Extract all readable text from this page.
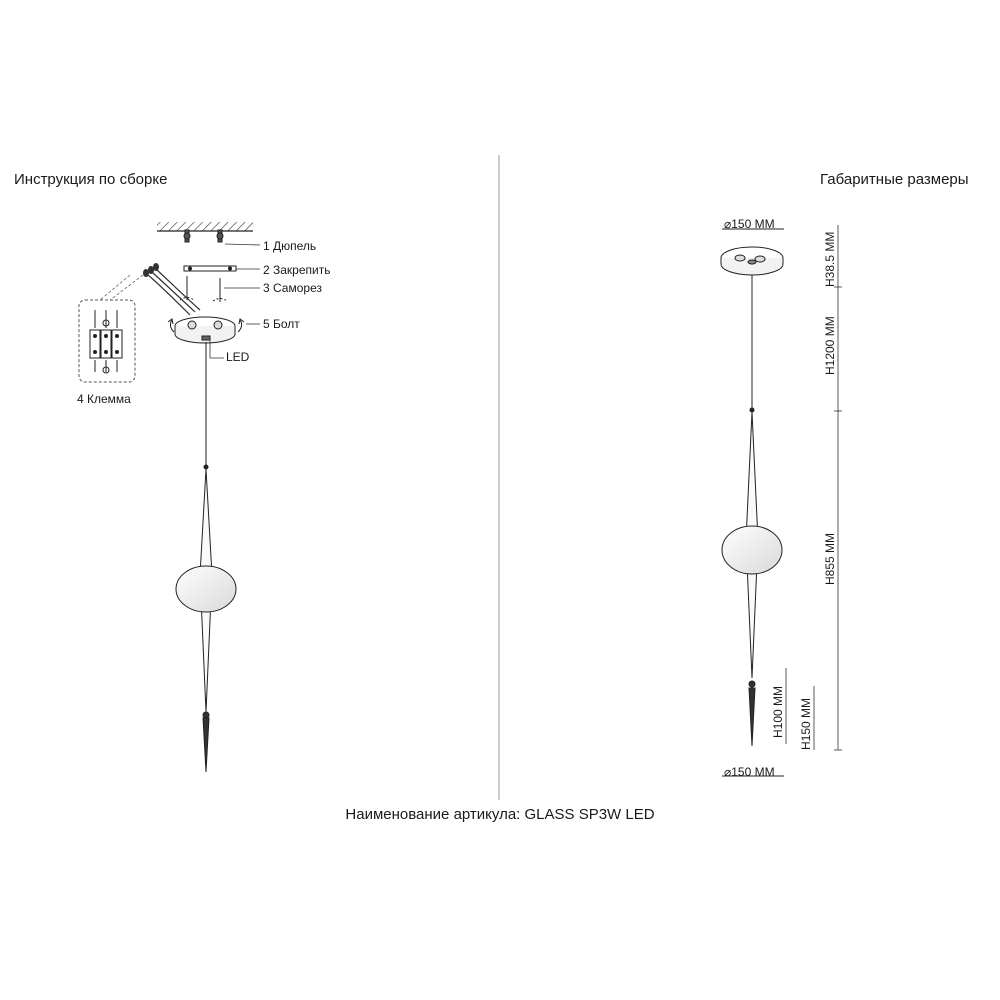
Инструкция по сборке	Габаритные размеры
1 Дюпель
2 Закрепить
3 Саморез
5 Болт
LED
4 Клемма
⌀150 ММ
⌀150 ММ
H38.5 ММ
H1200 ММ
H855 ММ
H100 ММ H150 ММ
Наименование артикула: GLASS SP3W LED
